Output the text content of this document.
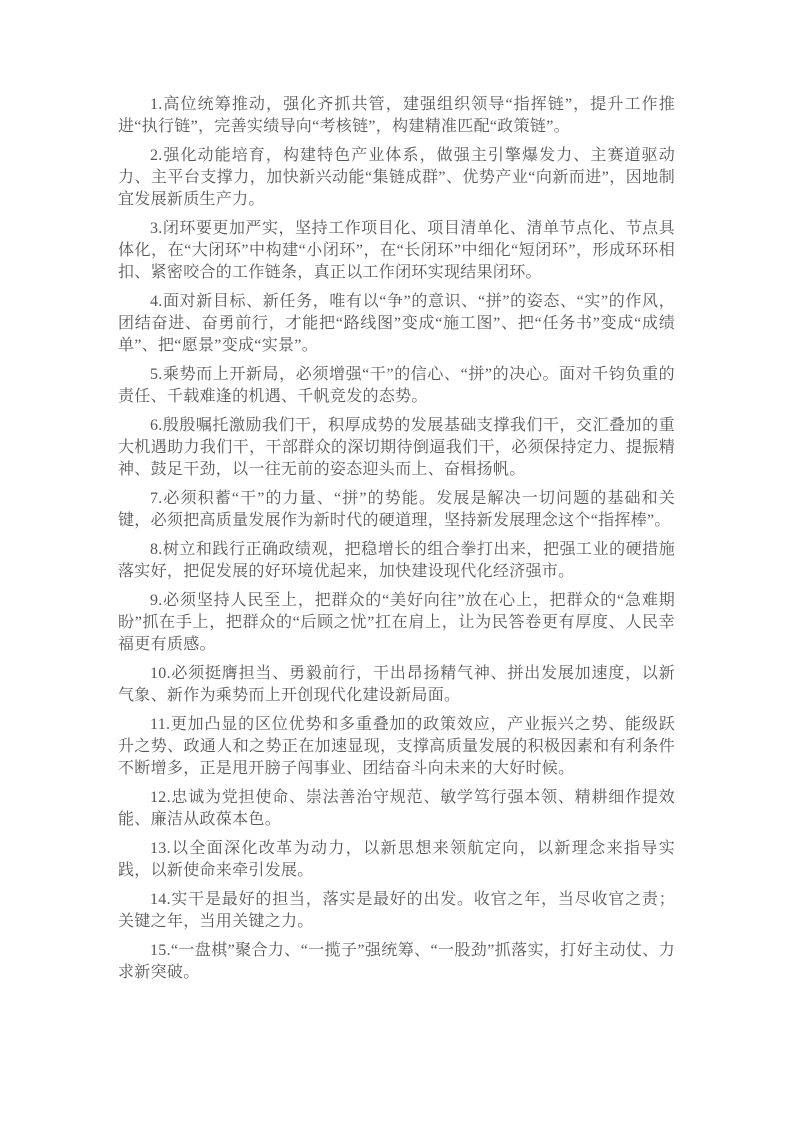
1.高位统筹推动，强化齐抓共管，建强组织领导“指挥链”，提升工作推进“执行链”，完善实绩导向“考核链”，构建精准匹配“政策链”。

2.强化动能培育，构建特色产业体系，做强主引擎爆发力、主赛道驱动力、主平台支撑力，加快新兴动能“集链成群”、优势产业“向新而进”，因地制宜发展新质生产力。

3.闭环要更加严实，坚持工作项目化、项目清单化、清单节点化、节点具体化，在“大闭环”中构建“小闭环”，在“长闭环”中细化“短闭环”，形成环环相扣、紧密咬合的工作链条，真正以工作闭环实现结果闭环。

4.面对新目标、新任务，唯有以“争”的意识、“拼”的姿态、“实”的作风，团结奋进、奋勇前行，才能把“路线图”变成“施工图”、把“任务书”变成“成绩单”、把“愿景”变成“实景”。

5.乘势而上开新局，必须增强“干”的信心、“拼”的决心。面对千钧负重的责任、千载难逢的机遇、千帆竞发的态势。

6.殷殷嘱托激励我们干，积厚成势的发展基础支撑我们干，交汇叠加的重大机遇助力我们干，干部群众的深切期待倒逼我们干，必须保持定力、提振精神、鼓足干劲，以一往无前的姿态迎头而上、奋楫扬帆。

7.必须积蓄“干”的力量、“拼”的势能。发展是解决一切问题的基础和关键，必须把高质量发展作为新时代的硬道理，坚持新发展理念这个“指挥棒”。

8.树立和践行正确政绩观，把稳增长的组合拳打出来，把强工业的硬措施落实好，把促发展的好环境优起来，加快建设现代化经济强市。

9.必须坚持人民至上，把群众的“美好向往”放在心上，把群众的“急难期盼”抓在手上，把群众的“后顾之忧”扛在肩上，让为民答卷更有厚度、人民幸福更有质感。

10.必须挺膺担当、勇毅前行，干出昂扬精气神、拼出发展加速度，以新气象、新作为乘势而上开创现代化建设新局面。

11.更加凸显的区位优势和多重叠加的政策效应，产业振兴之势、能级跃升之势、政通人和之势正在加速显现，支撑高质量发展的积极因素和有利条件不断增多，正是甩开膀子闯事业、团结奋斗向未来的大好时候。

12.忠诚为党担使命、崇法善治守规范、敏学笃行强本领、精耕细作提效能、廉洁从政葆本色。

13.以全面深化改革为动力，以新思想来领航定向，以新理念来指导实践，以新使命来牵引发展。

14.实干是最好的担当，落实是最好的出发。收官之年，当尽收官之责；关键之年，当用关键之力。

15.“一盘棋”聚合力、“一揽子”强统筹、“一股劲”抓落实，打好主动仗、力求新突破。
